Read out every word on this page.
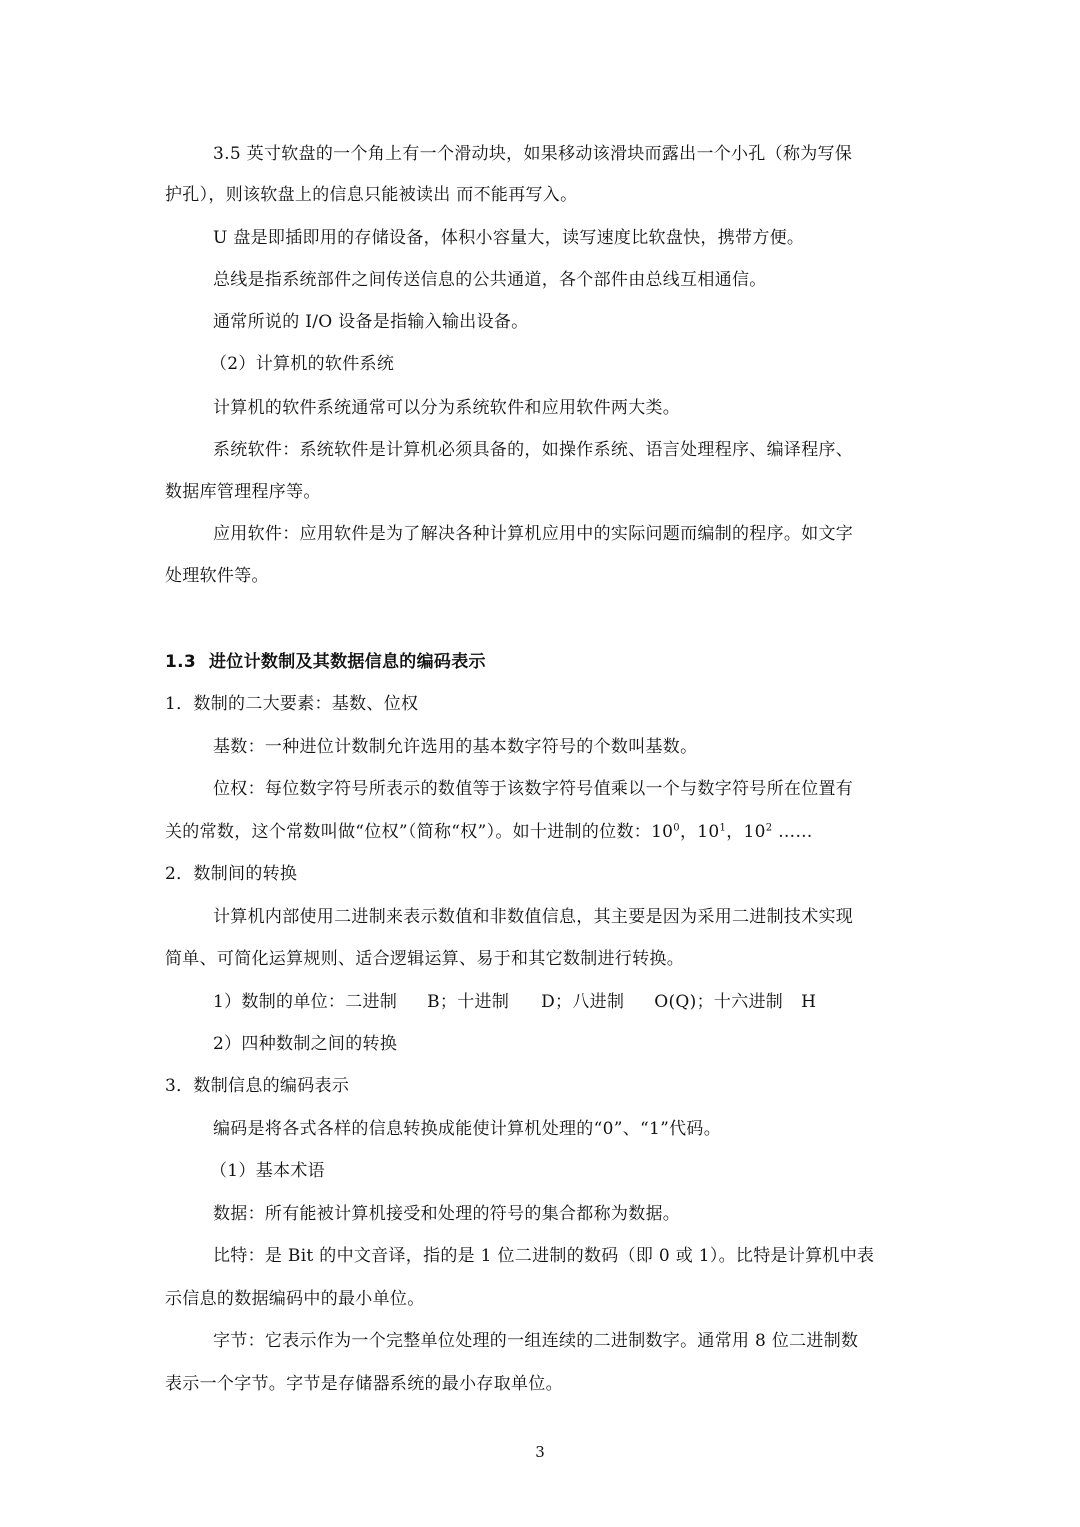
3.5 英寸软盘的一个角上有一个滑动块，如果移动该滑块而露出一个小孔（称为写保
护孔），则该软盘上的信息只能被读出 而不能再写入。
U 盘是即插即用的存储设备，体积小容量大，读写速度比软盘快，携带方便。
总线是指系统部件之间传送信息的公共通道，各个部件由总线互相通信。
通常所说的 I/O 设备是指输入输出设备。
（2）计算机的软件系统
计算机的软件系统通常可以分为系统软件和应用软件两大类。
系统软件：系统软件是计算机必须具备的，如操作系统、语言处理程序、编译程序、
数据库管理程序等。
应用软件：应用软件是为了解决各种计算机应用中的实际问题而编制的程序。如文字
处理软件等。
1.3 进位计数制及其数据信息的编码表示
1．数制的二大要素：基数、位权
基数：一种进位计数制允许选用的基本数字符号的个数叫基数。
位权：每位数字符号所表示的数值等于该数字符号值乘以一个与数字符号所在位置有
关的常数，这个常数叫做“位权”（简称“权”）。如十进制的位数：$10^0$，$10^1$，$10^2$ ……
2．数制间的转换
计算机内部使用二进制来表示数值和非数值信息，其主要是因为采用二进制技术实现
简单、可简化运算规则、适合逻辑运算、易于和其它数制进行转换。
1）数制的单位：二进制 B；十进制 D；八进制 O(Q)；十六进制 H
2）四种数制之间的转换
3．数制信息的编码表示
编码是将各式各样的信息转换成能使计算机处理的“0”、“1”代码。
（1）基本术语
数据：所有能被计算机接受和处理的符号的集合都称为数据。
比特：是 Bit 的中文音译，指的是 1 位二进制的数码（即 0 或 1）。比特是计算机中表
示信息的数据编码中的最小单位。
字节：它表示作为一个完整单位处理的一组连续的二进制数字。通常用 8 位二进制数
表示一个字节。字节是存储器系统的最小存取单位。
3
